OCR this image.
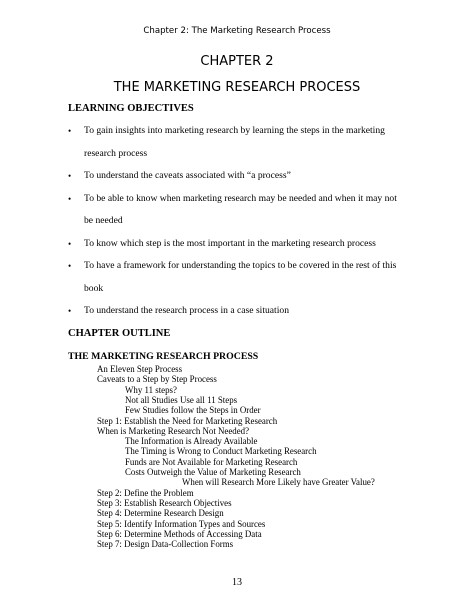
Chapter 2: The Marketing Research Process
CHAPTER 2
THE MARKETING RESEARCH PROCESS
LEARNING OBJECTIVES
• To gain insights into marketing research by learning the steps in the marketing research process
• To understand the caveats associated with “a process”
• To be able to know when marketing research may be needed and when it may not be needed
• To know which step is the most important in the marketing research process
• To have a framework for understanding the topics to be covered in the rest of this book
• To understand the research process in a case situation
CHAPTER OUTLINE
THE MARKETING RESEARCH PROCESS
An Eleven Step Process
Caveats to a Step by Step Process
Why 11 steps?
Not all Studies Use all 11 Steps
Few Studies follow the Steps in Order
Step 1: Establish the Need for Marketing Research
When is Marketing Research Not Needed?
The Information is Already Available
The Timing is Wrong to Conduct Marketing Research
Funds are Not Available for Marketing Research
Costs Outweigh the Value of Marketing Research
When will Research More Likely have Greater Value?
Step 2: Define the Problem
Step 3: Establish Research Objectives
Step 4: Determine Research Design
Step 5: Identify Information Types and Sources
Step 6: Determine Methods of Accessing Data
Step 7: Design Data-Collection Forms
13
